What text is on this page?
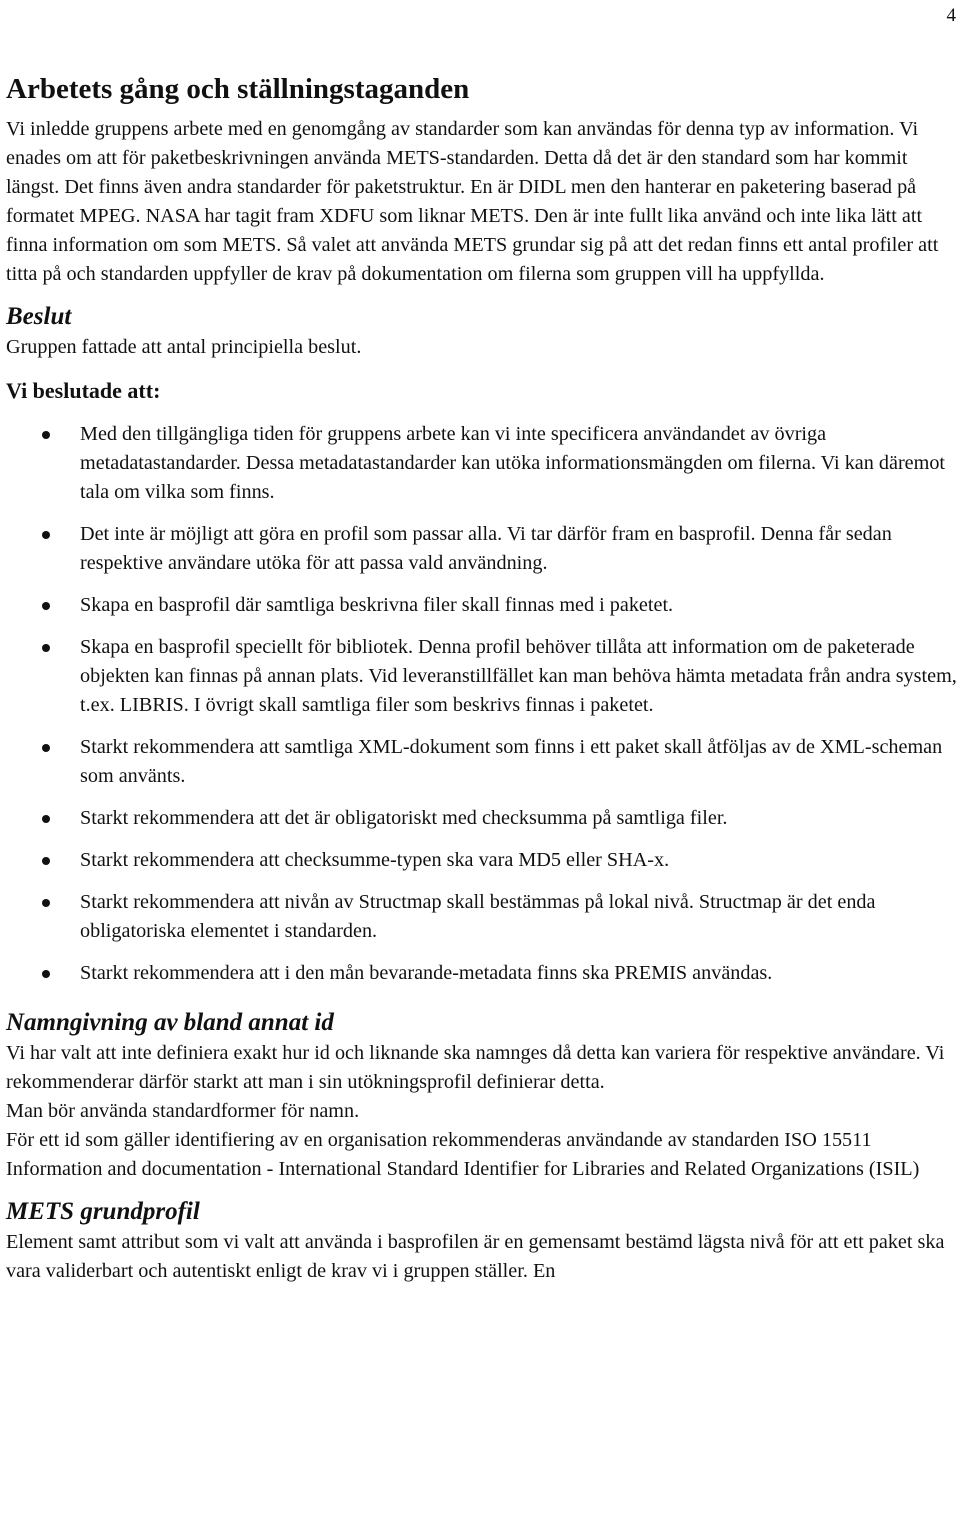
4
Arbetets gång och ställningstaganden

Vi inledde gruppens arbete med en genomgång av standarder som kan användas för denna typ av information. Vi enades om att för paketbeskrivningen använda METS-standarden. Detta då det är den standard som har kommit längst. Det finns även andra standarder för paketstruktur. En är DIDL men den hanterar en paketering baserad på formatet MPEG. NASA har tagit fram XDFU som liknar METS. Den är inte fullt lika använd och inte lika lätt att finna information om som METS. Så valet att använda METS grundar sig på att det redan finns ett antal profiler att titta på och standarden uppfyller de krav på dokumentation om filerna som gruppen vill ha uppfyllda.

Beslut

Gruppen fattade att antal principiella beslut.

Vi beslutade att:
Med den tillgängliga tiden för gruppens arbete kan vi inte specificera användandet av övriga metadatastandarder. Dessa metadatastandarder kan utöka informationsmängden om filerna. Vi kan däremot tala om vilka som finns.
Det inte är möjligt att göra en profil som passar alla. Vi tar därför fram en basprofil. Denna får sedan respektive användare utöka för att passa vald användning.
Skapa en basprofil där samtliga beskrivna filer skall finnas med i paketet.
Skapa en basprofil speciellt för bibliotek. Denna profil behöver tillåta att information om de paketerade objekten kan finnas på annan plats. Vid leveranstillfället kan man behöva hämta metadata från andra system, t.ex. LIBRIS. I övrigt skall samtliga filer som beskrivs finnas i paketet.
Starkt rekommendera att samtliga XML-dokument som finns i ett paket skall åtföljas av de XML-scheman som använts.
Starkt rekommendera att det är obligatoriskt med checksumma på samtliga filer.
Starkt rekommendera att checksumme-typen ska vara MD5 eller SHA-x.
Starkt rekommendera att nivån av Structmap skall bestämmas på lokal nivå. Structmap är det enda obligatoriska elementet i standarden.
Starkt rekommendera att i den mån bevarande-metadata finns ska PREMIS användas.
Namngivning av bland annat id

Vi har valt att inte definiera exakt hur id och liknande ska namnges då detta kan variera för respektive användare. Vi rekommenderar därför starkt att man i sin utökningsprofil definierar detta.

Man bör använda standardformer för namn.

För ett id som gäller identifiering av en organisation rekommenderas användande av standarden ISO 15511 Information and documentation - International Standard Identifier for Libraries and Related Organizations (ISIL)

METS grundprofil

Element samt attribut som vi valt att använda i basprofilen är en gemensamt bestämd lägsta nivå för att ett paket ska vara validerbart och autentiskt enligt de krav vi i gruppen ställer. En
